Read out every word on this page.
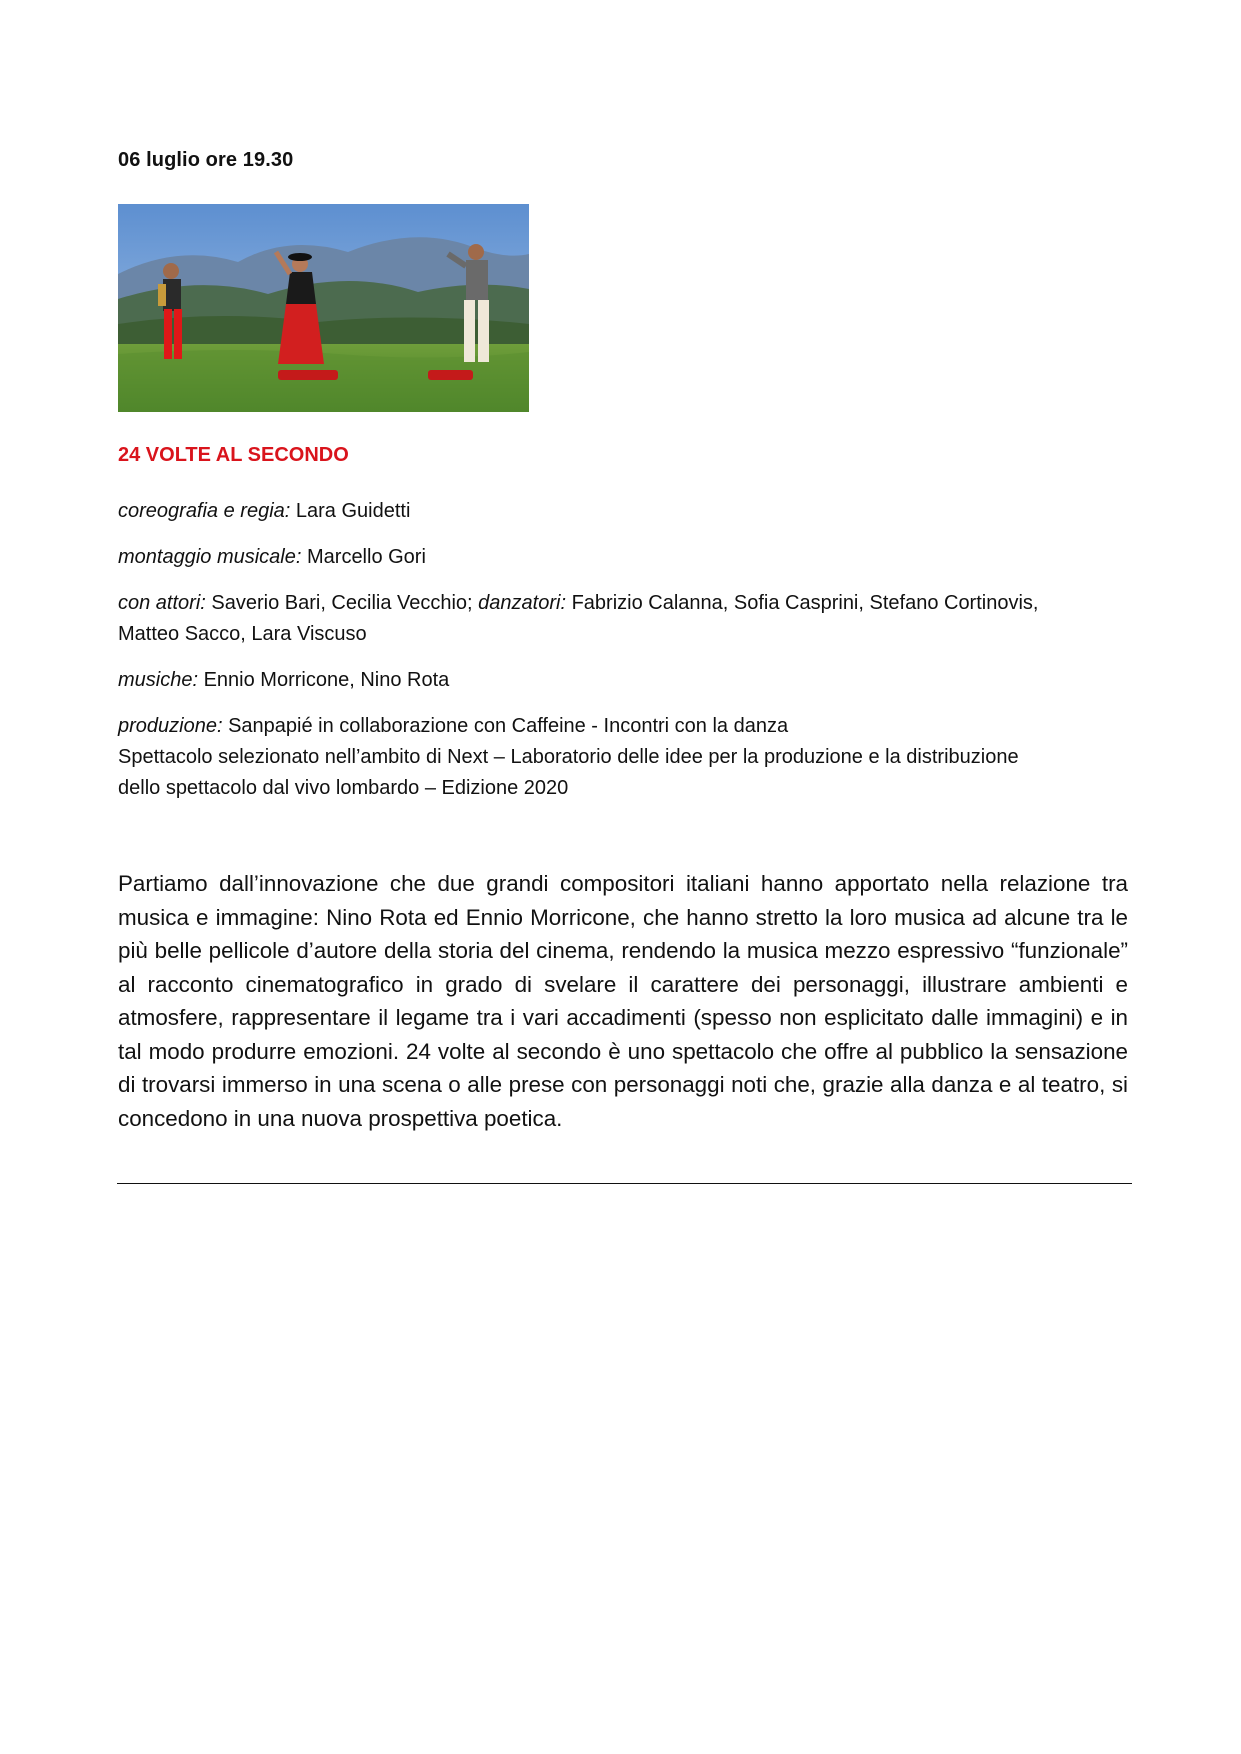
06 luglio ore 19.30
24 VOLTE AL SECONDO

coreografia e regia: Lara Guidetti

montaggio musicale: Marcello Gori

con attori: Saverio Bari, Cecilia Vecchio; danzatori: Fabrizio Calanna, Sofia Casprini, Stefano Cortinovis,
Matteo Sacco, Lara Viscuso

musiche: Ennio Morricone, Nino Rota

produzione: Sanpapié in collaborazione con Caffeine - Incontri con la danza
Spettacolo selezionato nell’ambito di Next – Laboratorio delle idee per la produzione e la distribuzione
dello spettacolo dal vivo lombardo – Edizione 2020

Partiamo dall’innovazione che due grandi compositori italiani hanno apportato nella relazione tra musica e immagine: Nino Rota ed Ennio Morricone, che hanno stretto la loro musica ad alcune tra le più belle pellicole d’autore della storia del cinema, rendendo la musica mezzo espressivo “funzionale” al racconto cinematografico in grado di svelare il carattere dei personaggi, illustrare ambienti e atmosfere, rappresentare il legame tra i vari accadimenti (spesso non esplicitato dalle immagini) e in tal modo produrre emozioni. 24 volte al secondo è uno spettacolo che offre al pubblico la sensazione di trovarsi immerso in una scena o alle prese con personaggi noti che, grazie alla danza e al teatro, si concedono in una nuova prospettiva poetica.
